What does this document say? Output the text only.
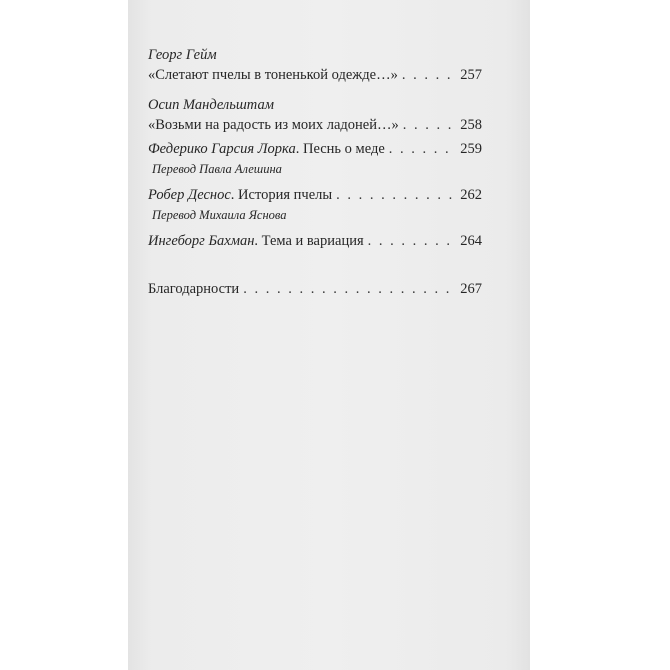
Георг Гейм
«Слетают пчелы в тоненькой одежде…» . . .	257
Осип Мандельштам
«Возьми на радость из моих ладоней…» . . .	258
Федерико Гарсия Лорка. Песнь о меде . . .	259
Перевод Павла Алешина
Робер Деснос. История пчелы . . .	262
Перевод Михаила Яснова
Ингеборг Бахман. Тема и вариация . . .	264
Благодарности . . .	267
